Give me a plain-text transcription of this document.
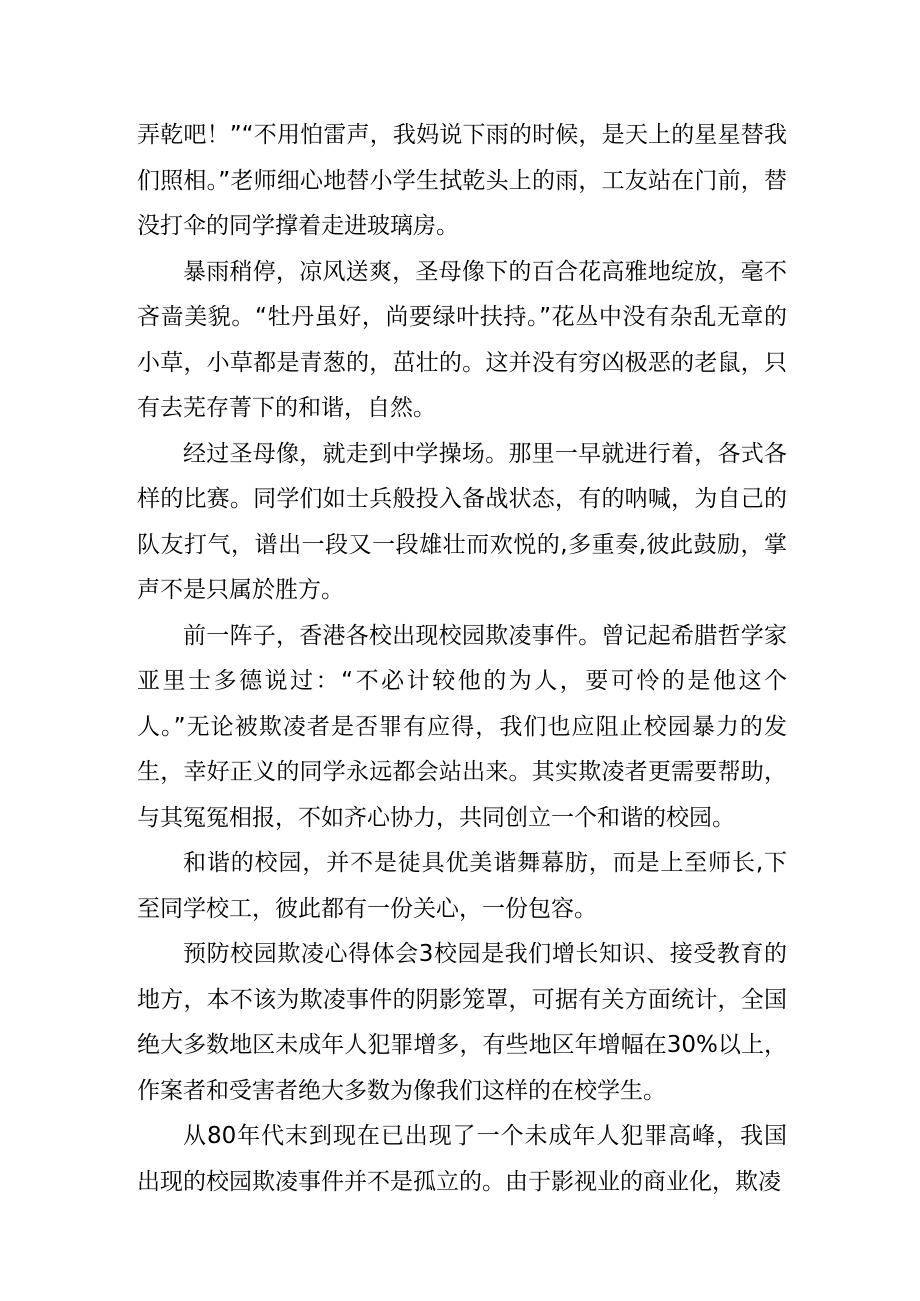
弄乾吧！”“不用怕雷声，我妈说下雨的时候，是天上的星星替我们照相。”老师细心地替小学生拭乾头上的雨，工友站在门前，替没打伞的同学撑着走进玻璃房。

暴雨稍停，凉风送爽，圣母像下的百合花高雅地绽放，毫不吝啬美貌。“牡丹虽好，尚要绿叶扶持。”花丛中没有杂乱无章的小草，小草都是青葱的，茁壮的。这并没有穷凶极恶的老鼠，只有去芜存菁下的和谐，自然。

经过圣母像，就走到中学操场。那里一早就进行着，各式各样的比赛。同学们如士兵般投入备战状态，有的呐喊，为自己的队友打气，谱出一段又一段雄壮而欢悦的,多重奏,彼此鼓励，掌声不是只属於胜方。

前一阵子，香港各校出现校园欺凌事件。曾记起希腊哲学家亚里士多德说过：“不必计较他的为人，要可怜的是他这个人。”无论被欺凌者是否罪有应得，我们也应阻止校园暴力的发生，幸好正义的同学永远都会站出来。其实欺凌者更需要帮助，与其冤冤相报，不如齐心协力，共同创立一个和谐的校园。

和谐的校园，并不是徒具优美谐舞幕肪，而是上至师长,下至同学校工，彼此都有一份关心，一份包容。

预防校园欺凌心得体会3校园是我们增长知识、接受教育的地方，本不该为欺凌事件的阴影笼罩，可据有关方面统计，全国绝大多数地区未成年人犯罪增多，有些地区年增幅在30%以上，作案者和受害者绝大多数为像我们这样的在校学生。

从80年代末到现在已出现了一个未成年人犯罪高峰，我国出现的校园欺凌事件并不是孤立的。由于影视业的商业化，欺凌
